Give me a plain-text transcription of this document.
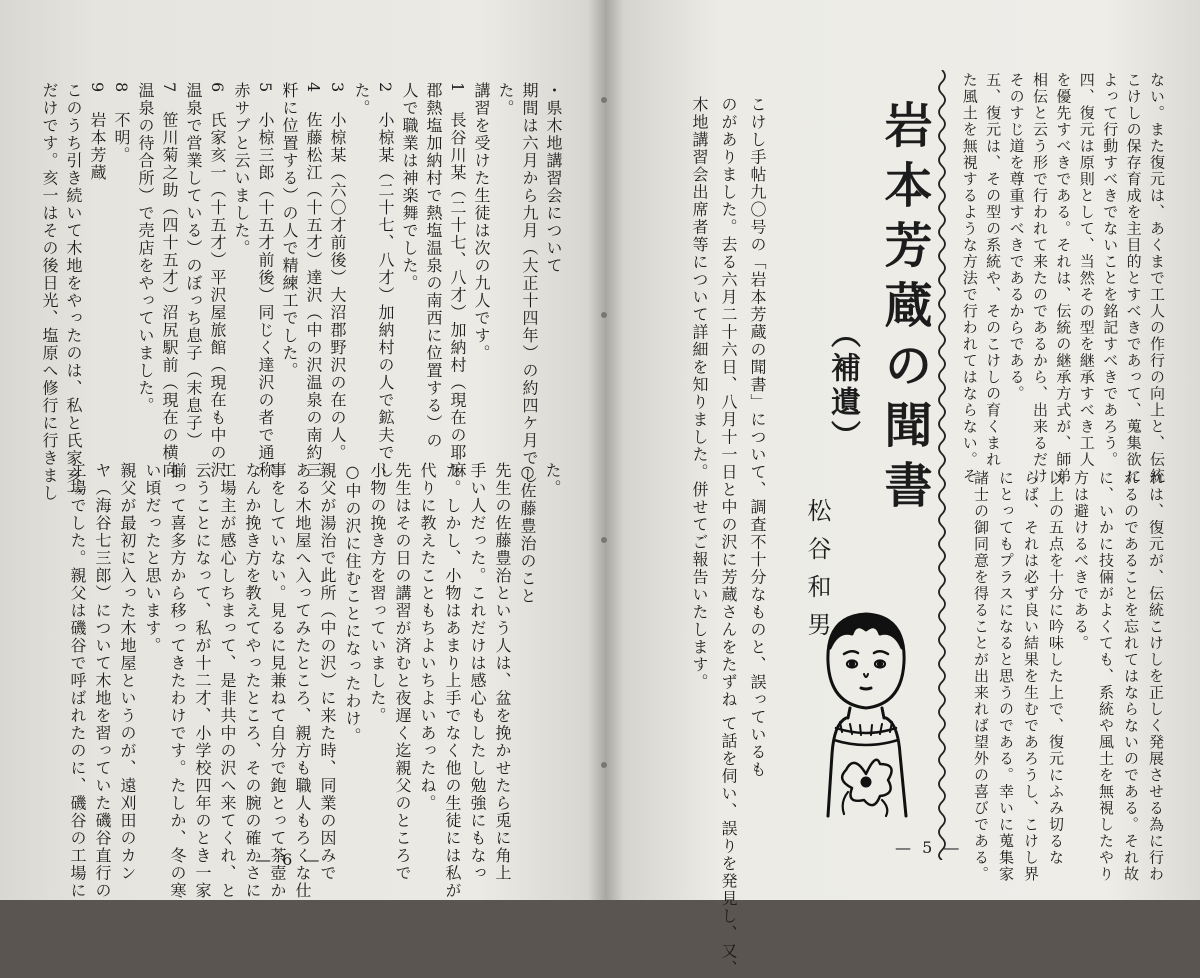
・県木地講習会について
期間は六月から九月（大正十四年）の約四ケ月でし
た。
講習を受けた生徒は次の九人です。
1　長谷川某（二十七、八才）加納村（現在の耶麻
郡熱塩加納村で熱塩温泉の南西に位置する）の
人で職業は神楽舞でした。
2　小椋某（二十七、八才）加納村の人で鉱夫でし
た。
3　小椋某（六〇才前後）大沼郡野沢の在の人。
4　佐藤松江（十五才）達沢（中の沢温泉の南約三
粁に位置する）の人で精練工でした。
5　小椋三郎（十五才前後）同じく達沢の者で通称
赤サブと云いました。
6　氏家亥一（十五才）平沢屋旅館（現在も中の沢
温泉で営業している）のぼっち息子（末息子）
7　笹川菊之助（四十五才）沼尻駅前（現在の横向
温泉の待合所）で売店をやっていました。
8　不明。
9　岩本芳蔵
このうち引き続いて木地をやったのは、私と氏家亥一
だけです。亥一はその後日光、塩原へ修行に行きまし	た。
○佐藤豊治のこと
先生の佐藤豊治という人は、盆を挽かせたら兎に角上
手い人だった。これだけは感心もしたし勉強にもなっ
た。しかし、小物はあまり上手でなく他の生徒には私が
代りに教えたこともちよいちよいあったね。
先生はその日の講習が済むと夜遅く迄親父のところで
小物の挽き方を習っていました。
○中の沢に住むことになったわけ。
親父が湯治で此所（中の沢）に来た時、同業の因みで
ある木地屋へ入ってみたところ、親方も職人もろくな仕
事をしていない。見るに見兼ねて自分で鉋とって茶壺か
なんか挽き方を教えてやったところ、その腕の確かさに
工場主が感心しちまって、是非共中の沢へ来てくれ、と
云うことになって、私が十二才、小学校四年のとき一家
揃って喜多方から移ってきたわけです。たしか、冬の寒
い頃だったと思います。
親父が最初に入った木地屋というのが、遠刈田のカン
ヤ（海谷七三郎）について木地を習っていた磯谷直行の
工場でした。親父は磯谷で呼ばれたのに、磯谷の工場に	— 6 —
こけし手帖九〇号の「岩本芳蔵の聞書」について、調査不十分なものと、誤っているも
のがありました。去る六月二十六日、八月十一日と中の沢に芳蔵さんをたずね て話を伺い、誤りを発見し、又、
木地講習会出席者等について詳細を知りました。併せてご報告いたします。	岩本芳蔵の聞書
（補遺）
松谷和男
ない。また復元は、あくまで工人の作行の向上と、伝統
こけしの保存育成を主目的とすべきであって、蒐集欲に
よって行動すべきでないことを銘記すべきであろう。
四、復元は原則として、当然その型を継承すべき工人
を優先すべきである。それは、伝統の継承方式が、師弟
相伝と云う形で行われて来たのであるから、出来るだけ
そのすじ道を尊重すべきであるからである。
五、復元は、その型の系統や、そのこけしの育くまれ
た風土を無視するような方法で行われてはならない。そ
れは、復元が、伝統こけしを正しく発展させる為に行わ
れるのであることを忘れてはならないのである。それ故
に、いかに技倆がよくても、系統や風土を無視したやり
方は避けるべきである。
以上の五点を十分に吟味した上で、復元にふみ切るな
らば、それは必ず良い結果を生むであろうし、こけし界
にとってもプラスになると思うのである。幸いに蒐集家
諸士の御同意を得ることが出来れば望外の喜びである。
— 5 —
